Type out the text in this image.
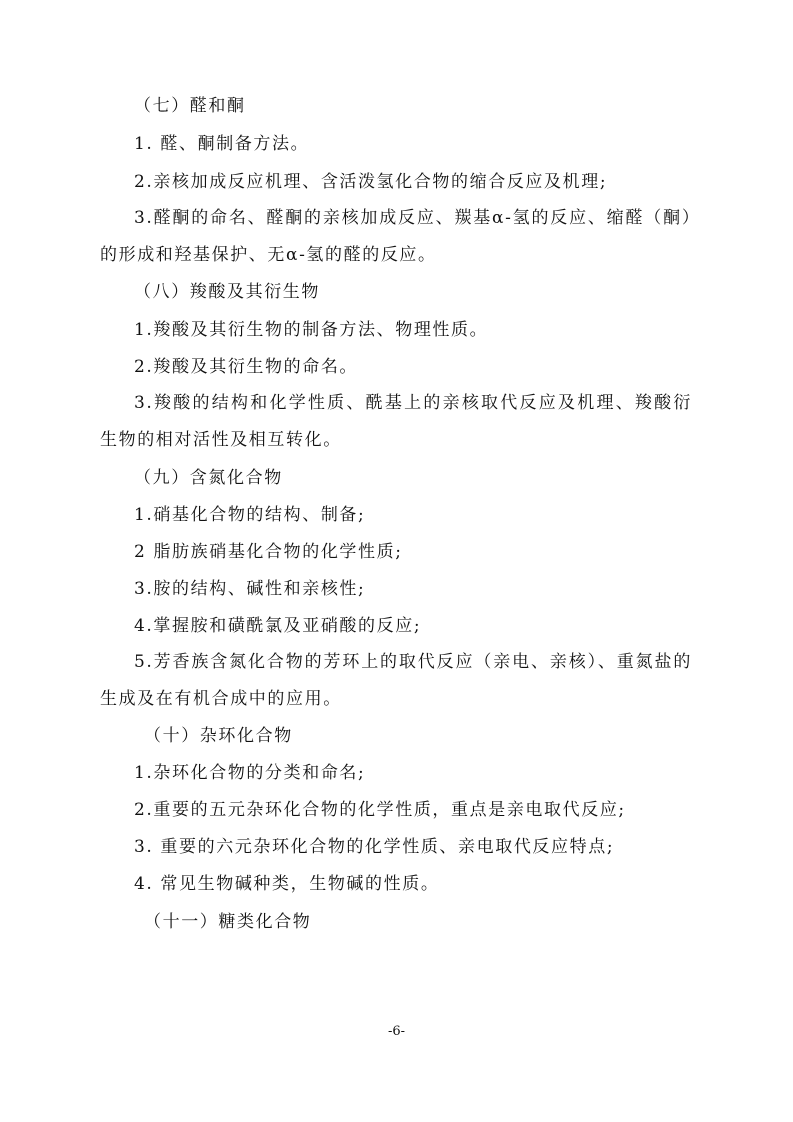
（七）醛和酮

1. 醛、酮制备方法。

2.亲核加成反应机理、含活泼氢化合物的缩合反应及机理;

3.醛酮的命名、醛酮的亲核加成反应、羰基α-氢的反应、缩醛（酮）的形成和羟基保护、无α-氢的醛的反应。

（八）羧酸及其衍生物

1.羧酸及其衍生物的制备方法、物理性质。

2.羧酸及其衍生物的命名。

3.羧酸的结构和化学性质、酰基上的亲核取代反应及机理、羧酸衍生物的相对活性及相互转化。

（九）含氮化合物

1.硝基化合物的结构、制备;

2 脂肪族硝基化合物的化学性质;

3.胺的结构、碱性和亲核性;

4.掌握胺和磺酰氯及亚硝酸的反应;

5.芳香族含氮化合物的芳环上的取代反应（亲电、亲核）、重氮盐的生成及在有机合成中的应用。

（十）杂环化合物

1.杂环化合物的分类和命名;

2.重要的五元杂环化合物的化学性质，重点是亲电取代反应;

3. 重要的六元杂环化合物的化学性质、亲电取代反应特点;

4. 常见生物碱种类，生物碱的性质。

（十一）糖类化合物

-6-
